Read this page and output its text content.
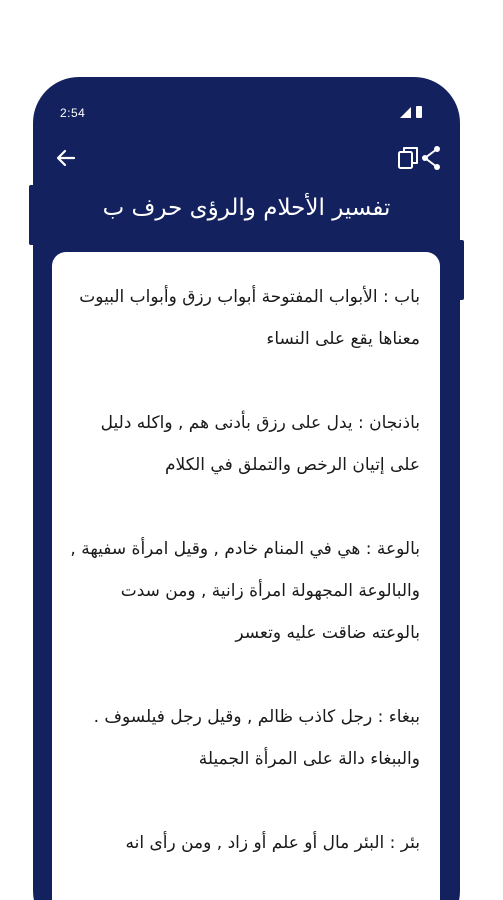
2:54
تفسير الأحلام والرؤى حرف ب

باب : الأبواب المفتوحة أبواب رزق وأبواب البيوت معناها يقع على النساء

باذنجان : يدل على رزق بأدنى هم , واكله دليل على إتيان الرخص والتملق في الكلام

بالوعة : هي في المنام خادم , وقيل امرأة سفيهة , والبالوعة المجهولة امرأة زانية , ومن سدت بالوعته ضاقت عليه وتعسر

ببغاء : رجل كاذب ظالم , وقيل رجل فيلسوف . والببغاء دالة على المرأة الجميلة

بئر : البئر مال أو علم أو زاد , ومن رأى انه
